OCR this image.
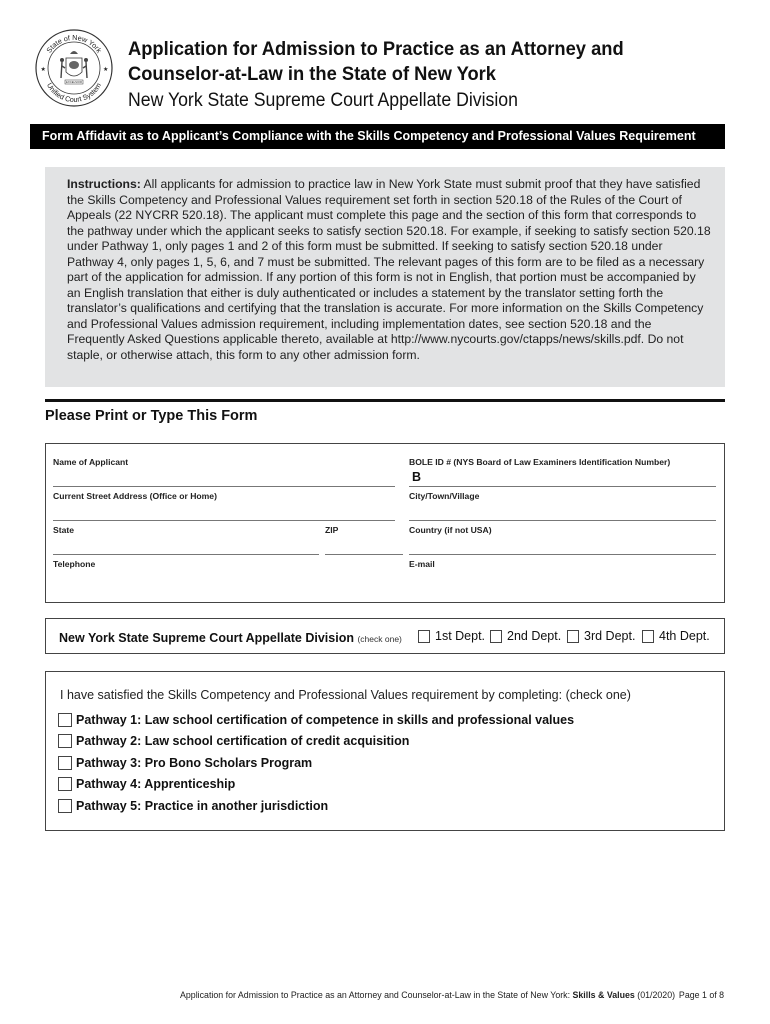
State of New York
Unified Court System
★	★
EXCELSIOR
Application for Admission to Practice as an Attorney and
Counselor-at-Law in the State of New York
New York State Supreme Court Appellate Division
Form Affidavit as to Applicant’s Compliance with the Skills Competency and Professional Values Requirement
Instructions: All applicants for admission to practice law in New York State must submit proof that they have satisfied the Skills Competency and Professional Values requirement set forth in section 520.18 of the Rules of the Court of Appeals (22 NYCRR 520.18). The applicant must complete this page and the section of this form that corresponds to the pathway under which the applicant seeks to satisfy section 520.18. For example, if seeking to satisfy section 520.18 under Pathway 1, only pages 1 and 2 of this form must be submitted. If seeking to satisfy section 520.18 under Pathway 4, only pages 1, 5, 6, and 7 must be submitted. The relevant pages of this form are to be filed as a necessary part of the application for admission. If any portion of this form is not in English, that portion must be accompanied by an English translation that either is duly authenticated or includes a statement by the translator setting forth the translator’s qualifications and certifying that the translation is accurate. For more information on the Skills Competency and Professional Values admission requirement, including implementation dates, see section 520.18 and the Frequently Asked Questions applicable thereto, available at http://www.nycourts.gov/ctapps/news/skills.pdf. Do not staple, or otherwise attach, this form to any other admission form.
Please Print or Type This Form
Name of Applicant	BOLE ID # (NYS Board of Law Examiners Identification Number)
B
Current Street Address (Office or Home)	City/Town/Village
State	ZIP	Country (if not USA)
Telephone	E-mail
New York State Supreme Court Appellate Division (check one)	1st Dept. 2nd Dept. 3rd Dept. 4th Dept.
I have satisfied the Skills Competency and Professional Values requirement by completing: (check one)
Pathway 1: Law school certification of competence in skills and professional values
Pathway 2: Law school certification of credit acquisition
Pathway 3: Pro Bono Scholars Program
Pathway 4: Apprenticeship
Pathway 5: Practice in another jurisdiction
Application for Admission to Practice as an Attorney and Counselor-at-Law in the State of New York: Skills & Values (01/2020) Page 1 of 8
